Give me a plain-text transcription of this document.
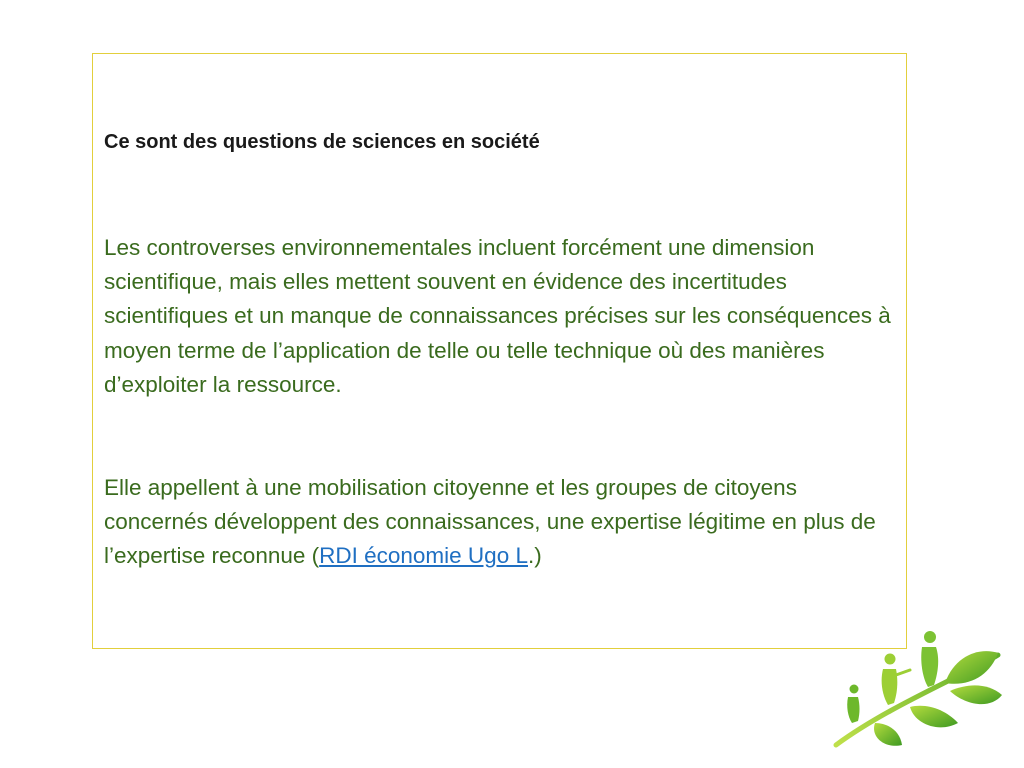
Ce sont des questions de sciences en société

Les controverses environnementales incluent forcément une dimension scientifique, mais elles mettent souvent en évidence des incertitudes scientifiques et un manque de connaissances précises sur les conséquences à moyen terme de l’application de telle ou telle technique où des manières d’exploiter la ressource.

Elle appellent à une mobilisation citoyenne et les groupes de citoyens concernés développent des connaissances, une expertise légitime en plus de l’expertise reconnue (RDI économie Ugo L.)
